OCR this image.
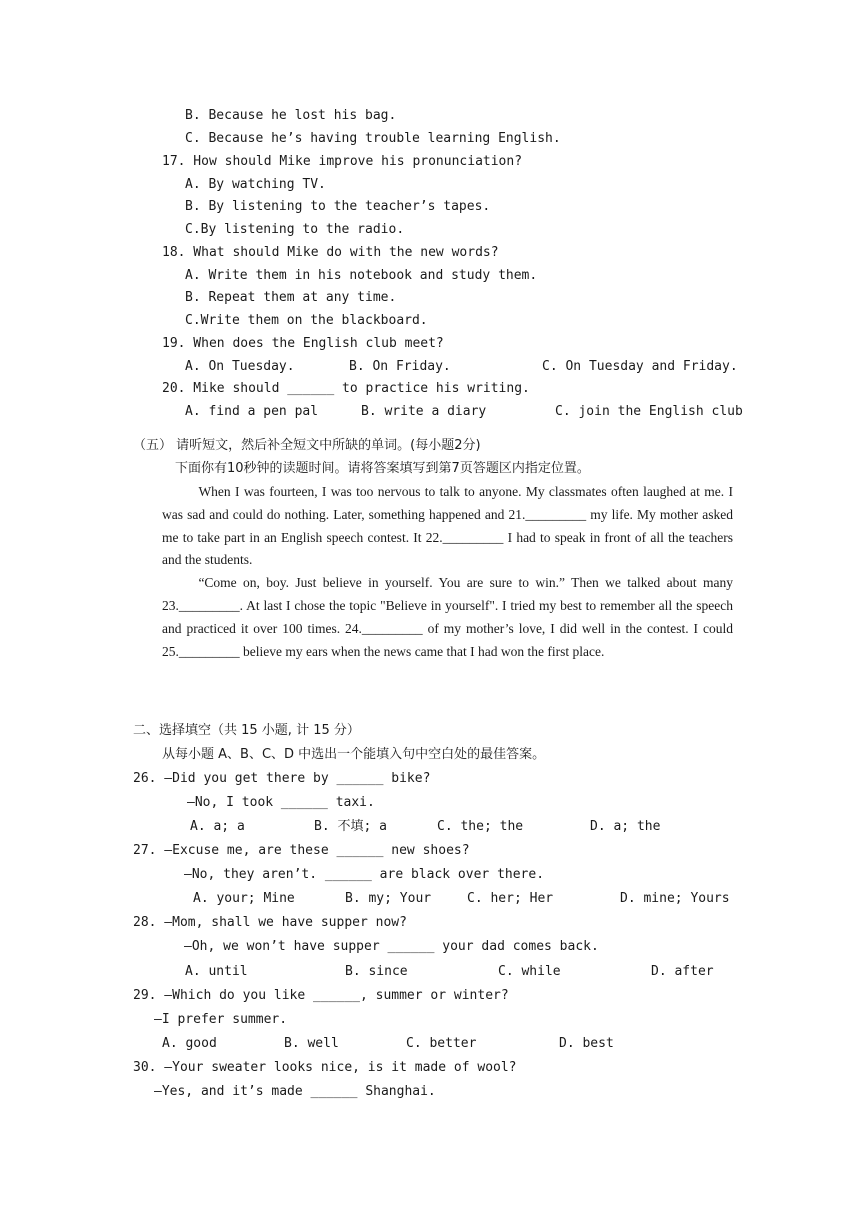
B. Because he lost his bag.
C. Because he’s having trouble learning English.
17. How should Mike improve his pronunciation?
A. By watching TV.
B. By listening to the teacher’s tapes.
C.By listening to the radio.
18. What should Mike do with the new words?
A. Write them in his notebook and study them.
B. Repeat them at any time.
C.Write them on the blackboard.
19. When does the English club meet?
A. On Tuesday.	B. On Friday.	C. On Tuesday and Friday.
20. Mike should ______ to practice his writing.
A. find a pen pal	B. write a diary	C. join the English club
（五） 请听短文，然后补全短文中所缺的单词。(每小题2分)
下面你有10秒钟的读题时间。请将答案填写到第7页答题区内指定位置。

When I was fourteen, I was too nervous to talk to anyone. My classmates often laughed at me. I was sad and could do nothing. Later, something happened and 21._________ my life. My mother asked me to take part in an English speech contest. It 22._________ I had to speak in front of all the teachers and the students.

“Come on, boy. Just believe in yourself. You are sure to win.” Then we talked about many 23._________. At last I chose the topic "Believe in yourself". I tried my best to remember all the speech and practiced it over 100 times. 24._________ of my mother’s love, I did well in the contest. I could 25._________ believe my ears when the news came that I had won the first place.

二、选择填空（共 15 小题, 计 15 分）
从每小题 A、B、C、D 中选出一个能填入句中空白处的最佳答案。
26. —Did you get there by ______ bike?
—No, I took ______ taxi.
A. a; a	B. 不填; a	C. the; the	D. a; the
27. —Excuse me, are these ______ new shoes?
—No, they aren’t. ______ are black over there.
A. your; Mine	B. my; Your	C. her; Her	D. mine; Yours
28. —Mom, shall we have supper now?
—Oh, we won’t have supper ______ your dad comes back.
A. until	B. since	C. while	D. after
29. —Which do you like ______, summer or winter?
—I prefer summer.
A. good	B. well	C. better	D. best
30. —Your sweater looks nice, is it made of wool?
—Yes, and it’s made ______ Shanghai.
